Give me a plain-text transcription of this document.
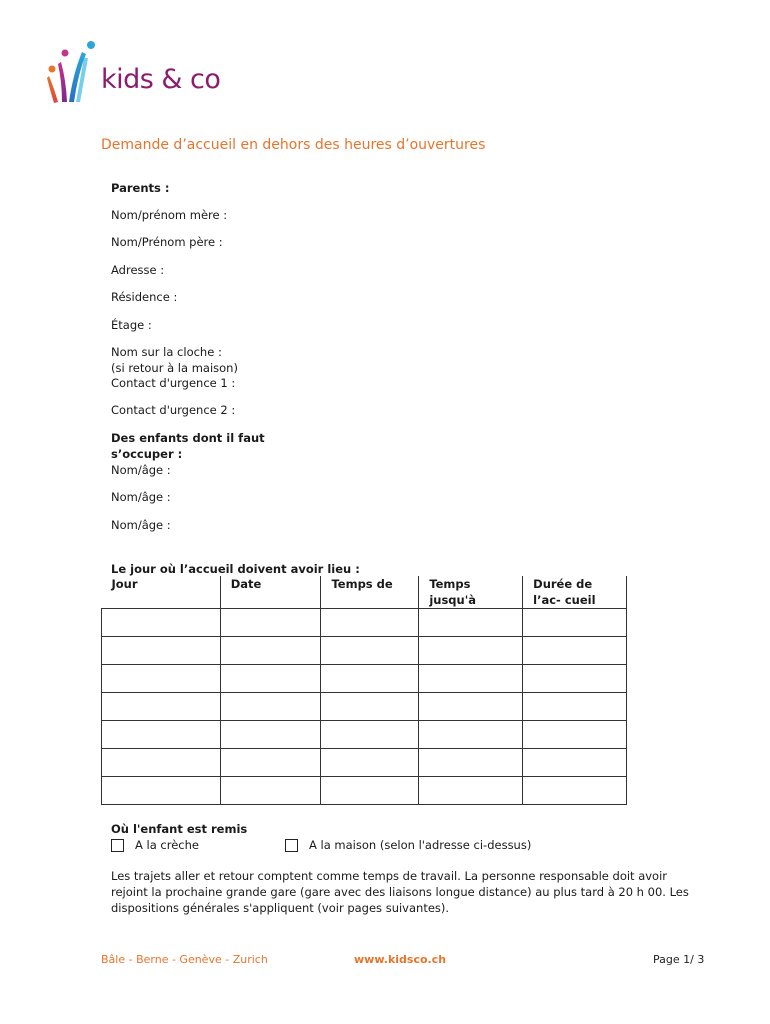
kids & co
Demande d’accueil en dehors des heures d’ouvertures
Parents :
Nom/prénom mère :
Nom/Prénom père :
Adresse :
Résidence :
Étage :
Nom sur la cloche :
(si retour à la maison)
Contact d'urgence 1 :
Contact d'urgence 2 :
Des enfants dont il faut
s’occuper :
Nom/âge :
Nom/âge :
Nom/âge :
Le jour où l’accueil doivent avoir lieu :
Jour	Date	Temps de	Temps jusqu'à	Durée de l’ac- cueil

Où l'enfant est remis
A la crèche	A la maison (selon l'adresse ci-dessus)
Les trajets aller et retour comptent comme temps de travail. La personne responsable doit avoir rejoint la prochaine grande gare (gare avec des liaisons longue distance) au plus tard à 20 h 00. Les dispositions générales s'appliquent (voir pages suivantes).
Bâle - Berne - Genève - Zurich	www.kidsco.ch	Page 1/ 3
